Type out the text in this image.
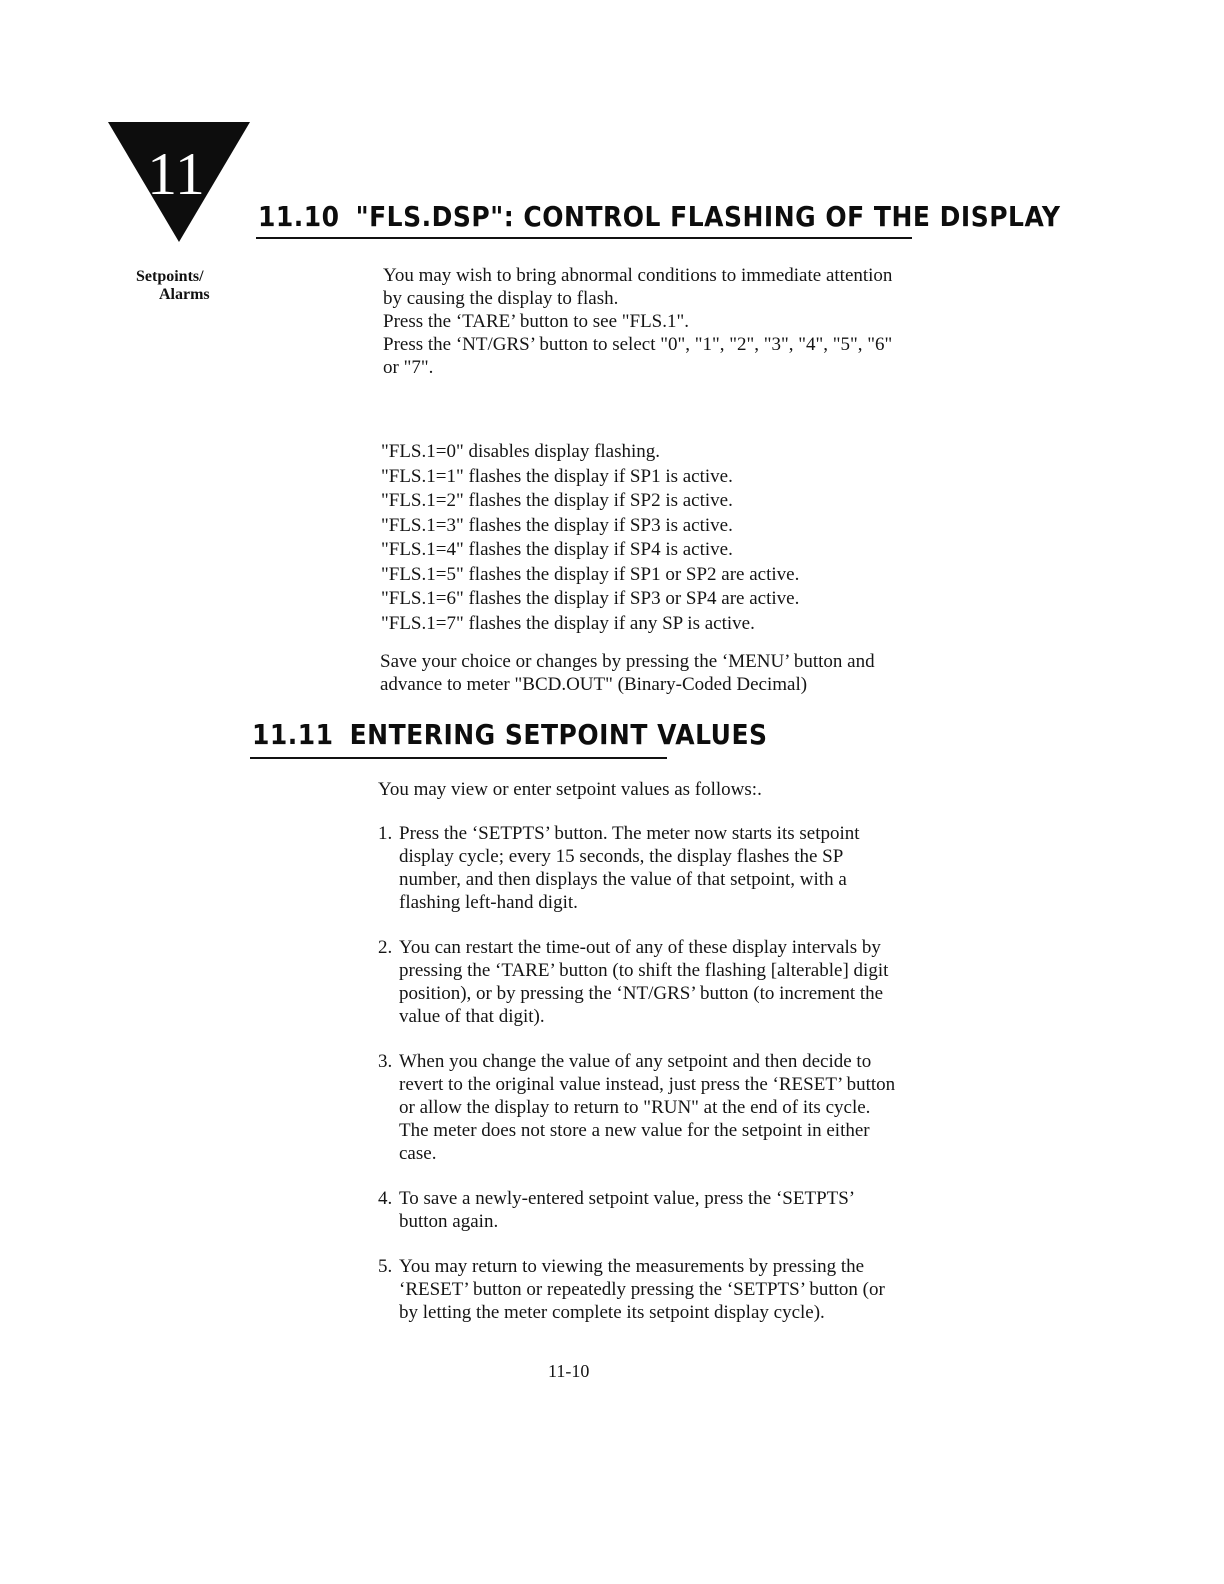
11
Setpoints/
Alarms
11.10 "FLS.DSP": CONTROL FLASHING OF THE DISPLAY
You may wish to bring abnormal conditions to immediate attention
by causing the display to flash.
Press the ‘TARE’ button to see "FLS.1".
Press the ‘NT/GRS’ button to select "0", "1", "2", "3", "4", "5", "6"
or "7".
"FLS.1=0" disables display flashing.
"FLS.1=1" flashes the display if SP1 is active.
"FLS.1=2" flashes the display if SP2 is active.
"FLS.1=3" flashes the display if SP3 is active.
"FLS.1=4" flashes the display if SP4 is active.
"FLS.1=5" flashes the display if SP1 or SP2 are active.
"FLS.1=6" flashes the display if SP3 or SP4 are active.
"FLS.1=7" flashes the display if any SP is active.
Save your choice or changes by pressing the ‘MENU’ button and
advance to meter "BCD.OUT" (Binary-Coded Decimal)
11.11 ENTERING SETPOINT VALUES
You may view or enter setpoint values as follows:.
1. Press the ‘SETPTS’ button. The meter now starts its setpoint
display cycle; every 15 seconds, the display flashes the SP
number, and then displays the value of that setpoint, with a
flashing left-hand digit.
2. You can restart the time-out of any of these display intervals by
pressing the ‘TARE’ button (to shift the flashing [alterable] digit
position), or by pressing the ‘NT/GRS’ button (to increment the
value of that digit).
3. When you change the value of any setpoint and then decide to
revert to the original value instead, just press the ‘RESET’ button
or allow the display to return to "RUN" at the end of its cycle.
The meter does not store a new value for the setpoint in either
case.
4. To save a newly-entered setpoint value, press the ‘SETPTS’
button again.
5. You may return to viewing the measurements by pressing the
‘RESET’ button or repeatedly pressing the ‘SETPTS’ button (or
by letting the meter complete its setpoint display cycle).
11-10
